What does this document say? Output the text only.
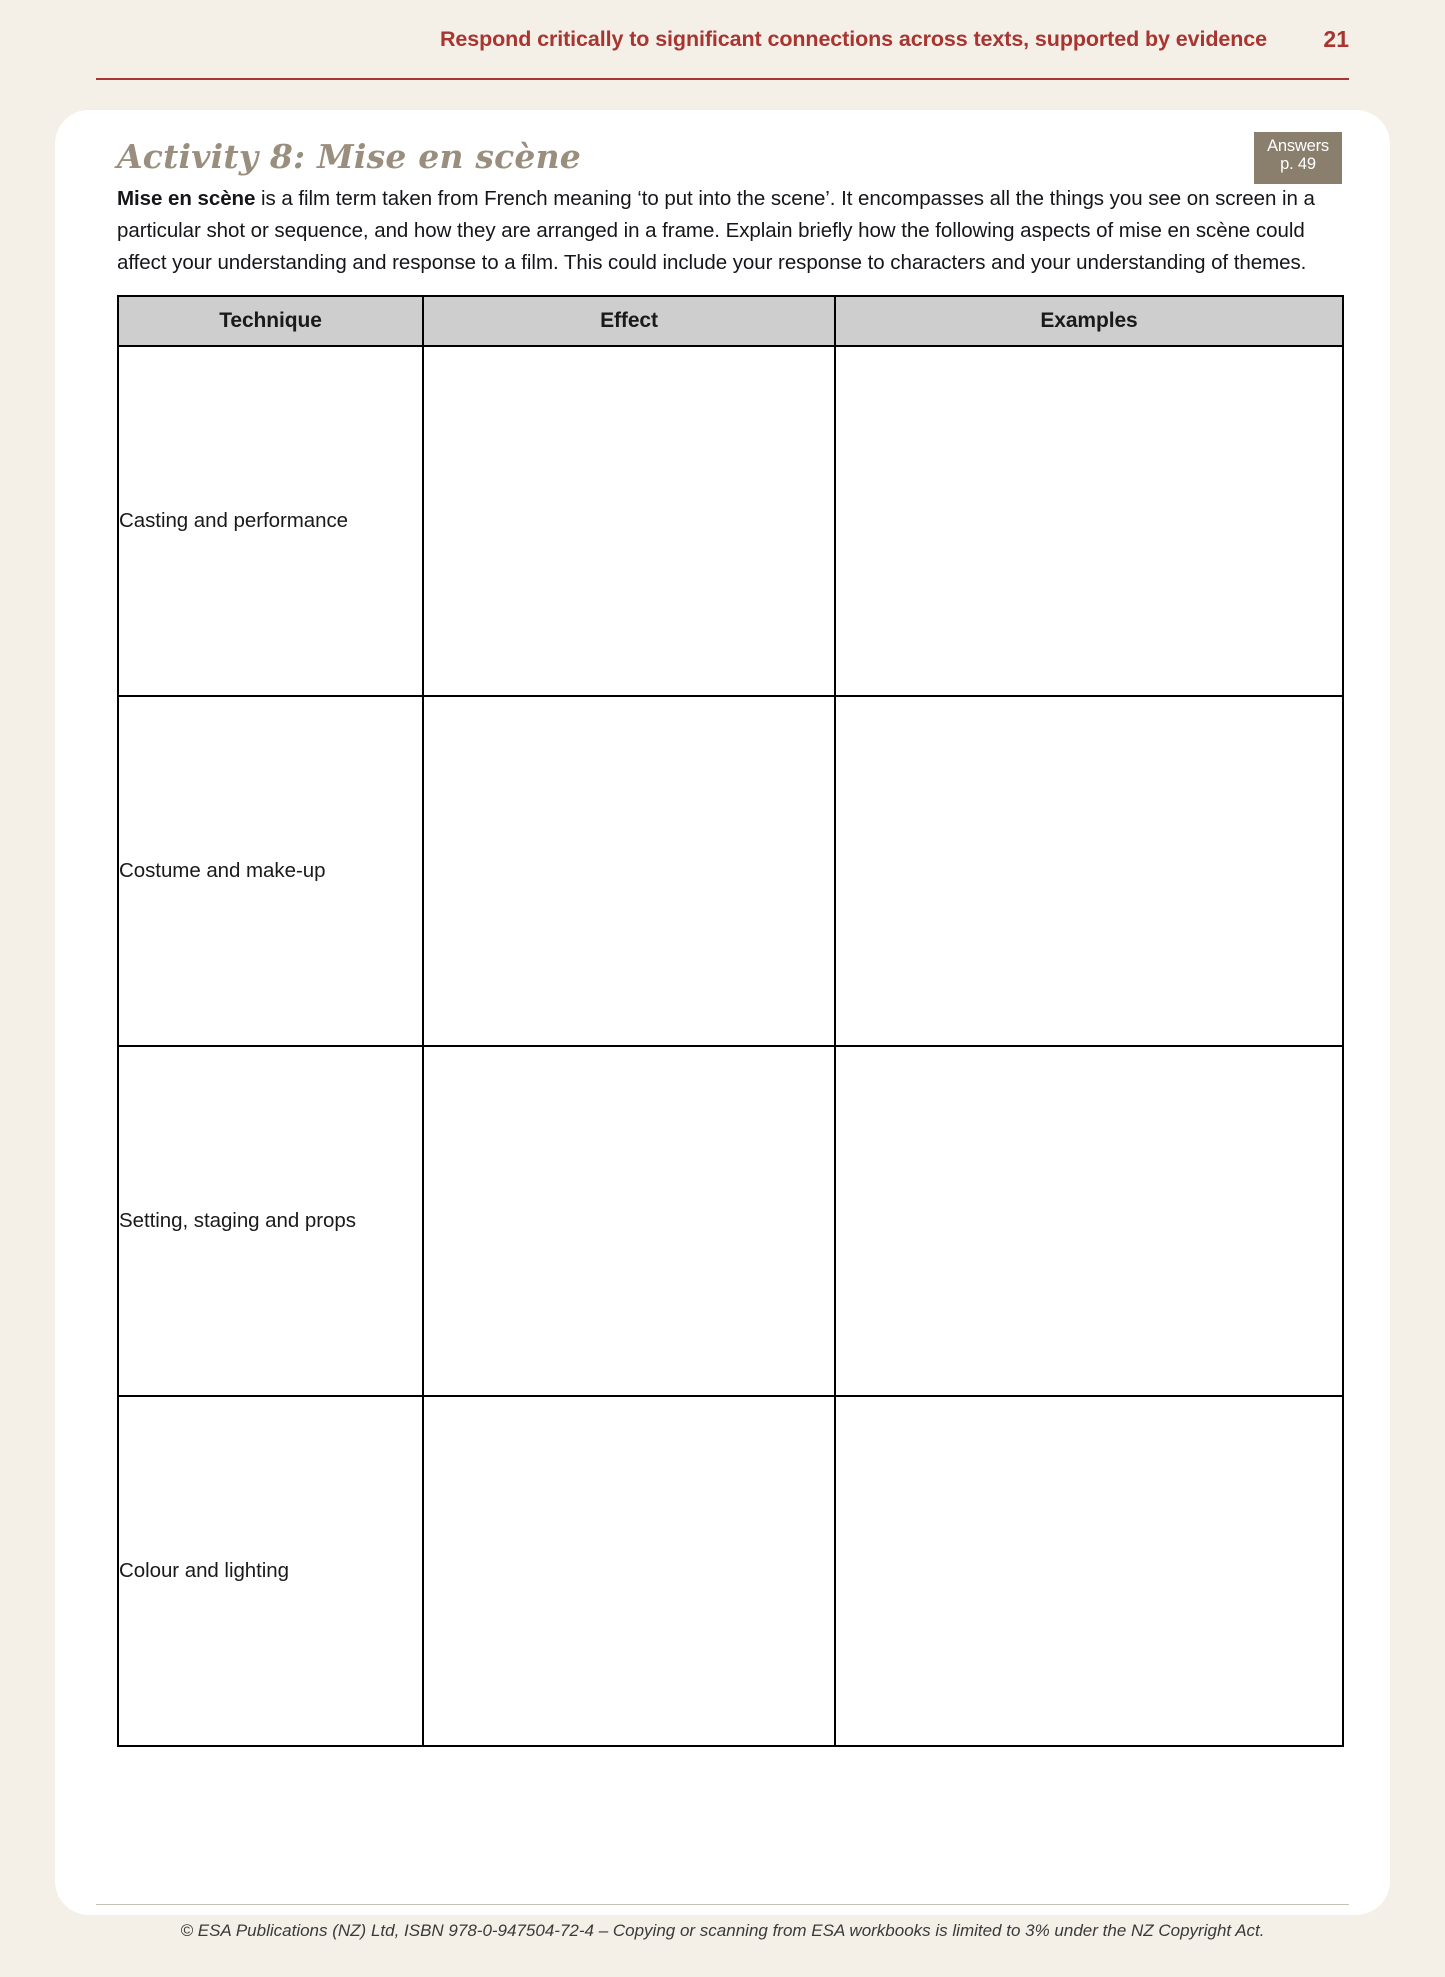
Respond critically to significant connections across texts, supported by evidence 21
Answers
p. 49
Activity 8: Mise en scène

Mise en scène is a film term taken from French meaning ‘to put into the scene’. It encompasses all the things you see on screen in a particular shot or sequence, and how they are arranged in a frame. Explain briefly how the following aspects of mise en scène could affect your understanding and response to a film. This could include your response to characters and your understanding of themes.

Technique	Effect	Examples
Casting and performance		
Costume and make-up		
Setting, staging and props		
Colour and lighting		
© ESA Publications (NZ) Ltd, ISBN 978-0-947504-72-4 – Copying or scanning from ESA workbooks is limited to 3% under the NZ Copyright Act.
